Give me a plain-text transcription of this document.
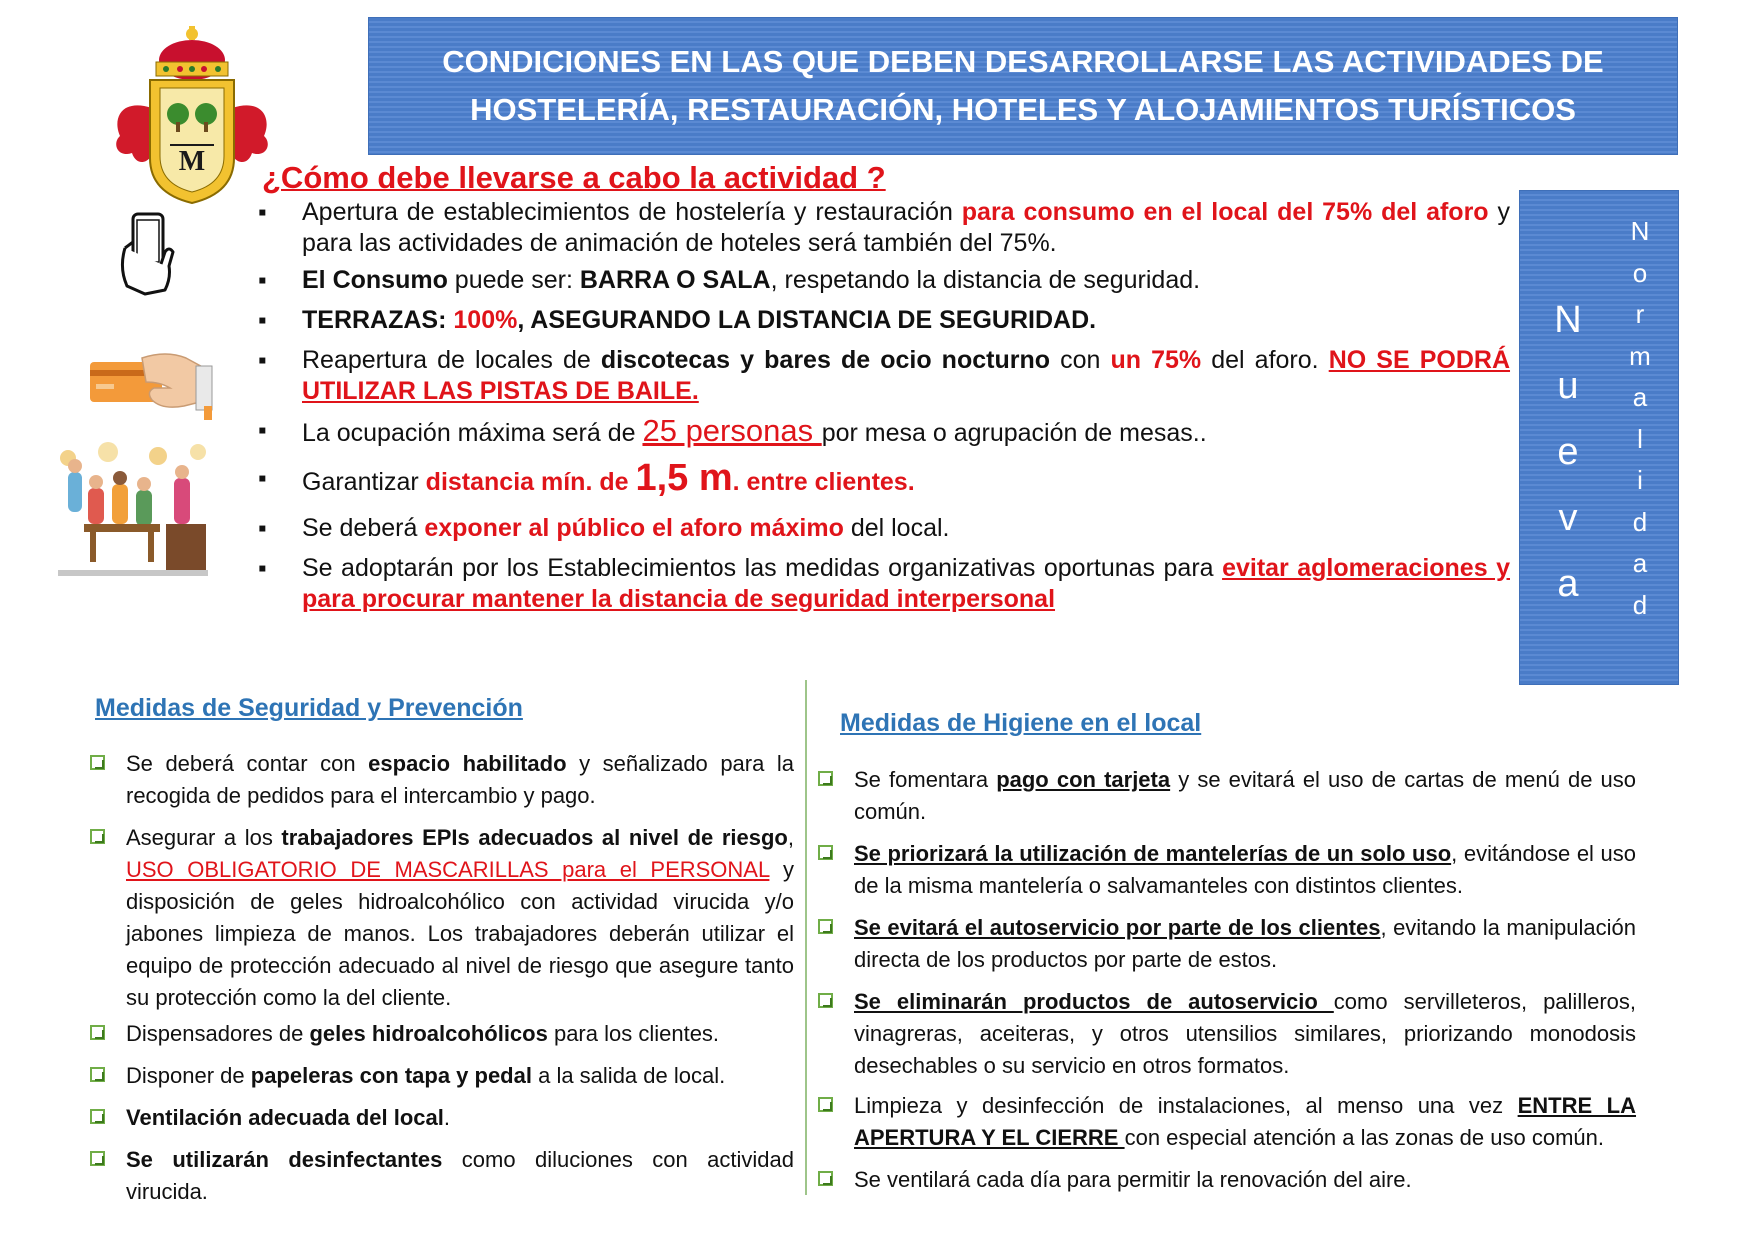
CONDICIONES EN LAS QUE DEBEN DESARROLLARSE LAS ACTIVIDADES DE
HOSTELERÍA, RESTAURACIÓN, HOTELES Y ALOJAMIENTOS TURÍSTICOS
M ¿Cómo debe llevarse a cabo la actividad ?
▪ Apertura de establecimientos de hostelería y restauración para consumo en el local del 75% del aforo y para las actividades de animación de hoteles será también del 75%.
▪ El Consumo puede ser: BARRA O SALA, respetando la distancia de seguridad.
▪ TERRAZAS: 100%, ASEGURANDO LA DISTANCIA DE SEGURIDAD.
▪ Reapertura de locales de discotecas y bares de ocio nocturno con un 75% del aforo. NO SE PODRÁ UTILIZAR LAS PISTAS DE BAILE.
▪ La ocupación máxima será de 25 personas por mesa o agrupación de mesas..
▪ Garantizar distancia mín. de 1,5 m. entre clientes.
▪ Se deberá exponer al público el aforo máximo del local.
▪ Se adoptarán por los Establecimientos las medidas organizativas oportunas para evitar aglomeraciones y para procurar mantener la distancia de seguridad interpersonal
N
u
e
v
a
N
o
r
m
a
l
i
d
a
d
Medidas de Seguridad y Prevención
Se deberá contar con espacio habilitado y señalizado para la recogida de pedidos para el intercambio y pago.
Asegurar a los trabajadores EPIs adecuados al nivel de riesgo, USO OBLIGATORIO DE MASCARILLAS para el PERSONAL y disposición de geles hidroalcohólico con actividad virucida y/o jabones limpieza de manos. Los trabajadores deberán utilizar el equipo de protección adecuado al nivel de riesgo que asegure tanto su protección como la del cliente.
Dispensadores de geles hidroalcohólicos para los clientes.
Disponer de papeleras con tapa y pedal a la salida de local.
Ventilación adecuada del local.
Se utilizarán desinfectantes como diluciones con actividad virucida.
Medidas de Higiene en el local
Se fomentara pago con tarjeta y se evitará el uso de cartas de menú de uso común.
Se priorizará la utilización de mantelerías de un solo uso, evitándose el uso de la misma mantelería o salvamanteles con distintos clientes.
Se evitará el autoservicio por parte de los clientes, evitando la manipulación directa de los productos por parte de estos.
Se eliminarán productos de autoservicio como servilleteros, palilleros, vinagreras, aceiteras, y otros utensilios similares, priorizando monodosis desechables o su servicio en otros formatos.
Limpieza y desinfección de instalaciones, al menso una vez ENTRE LA APERTURA Y EL CIERRE con especial atención a las zonas de uso común.
Se ventilará cada día para permitir la renovación del aire.
